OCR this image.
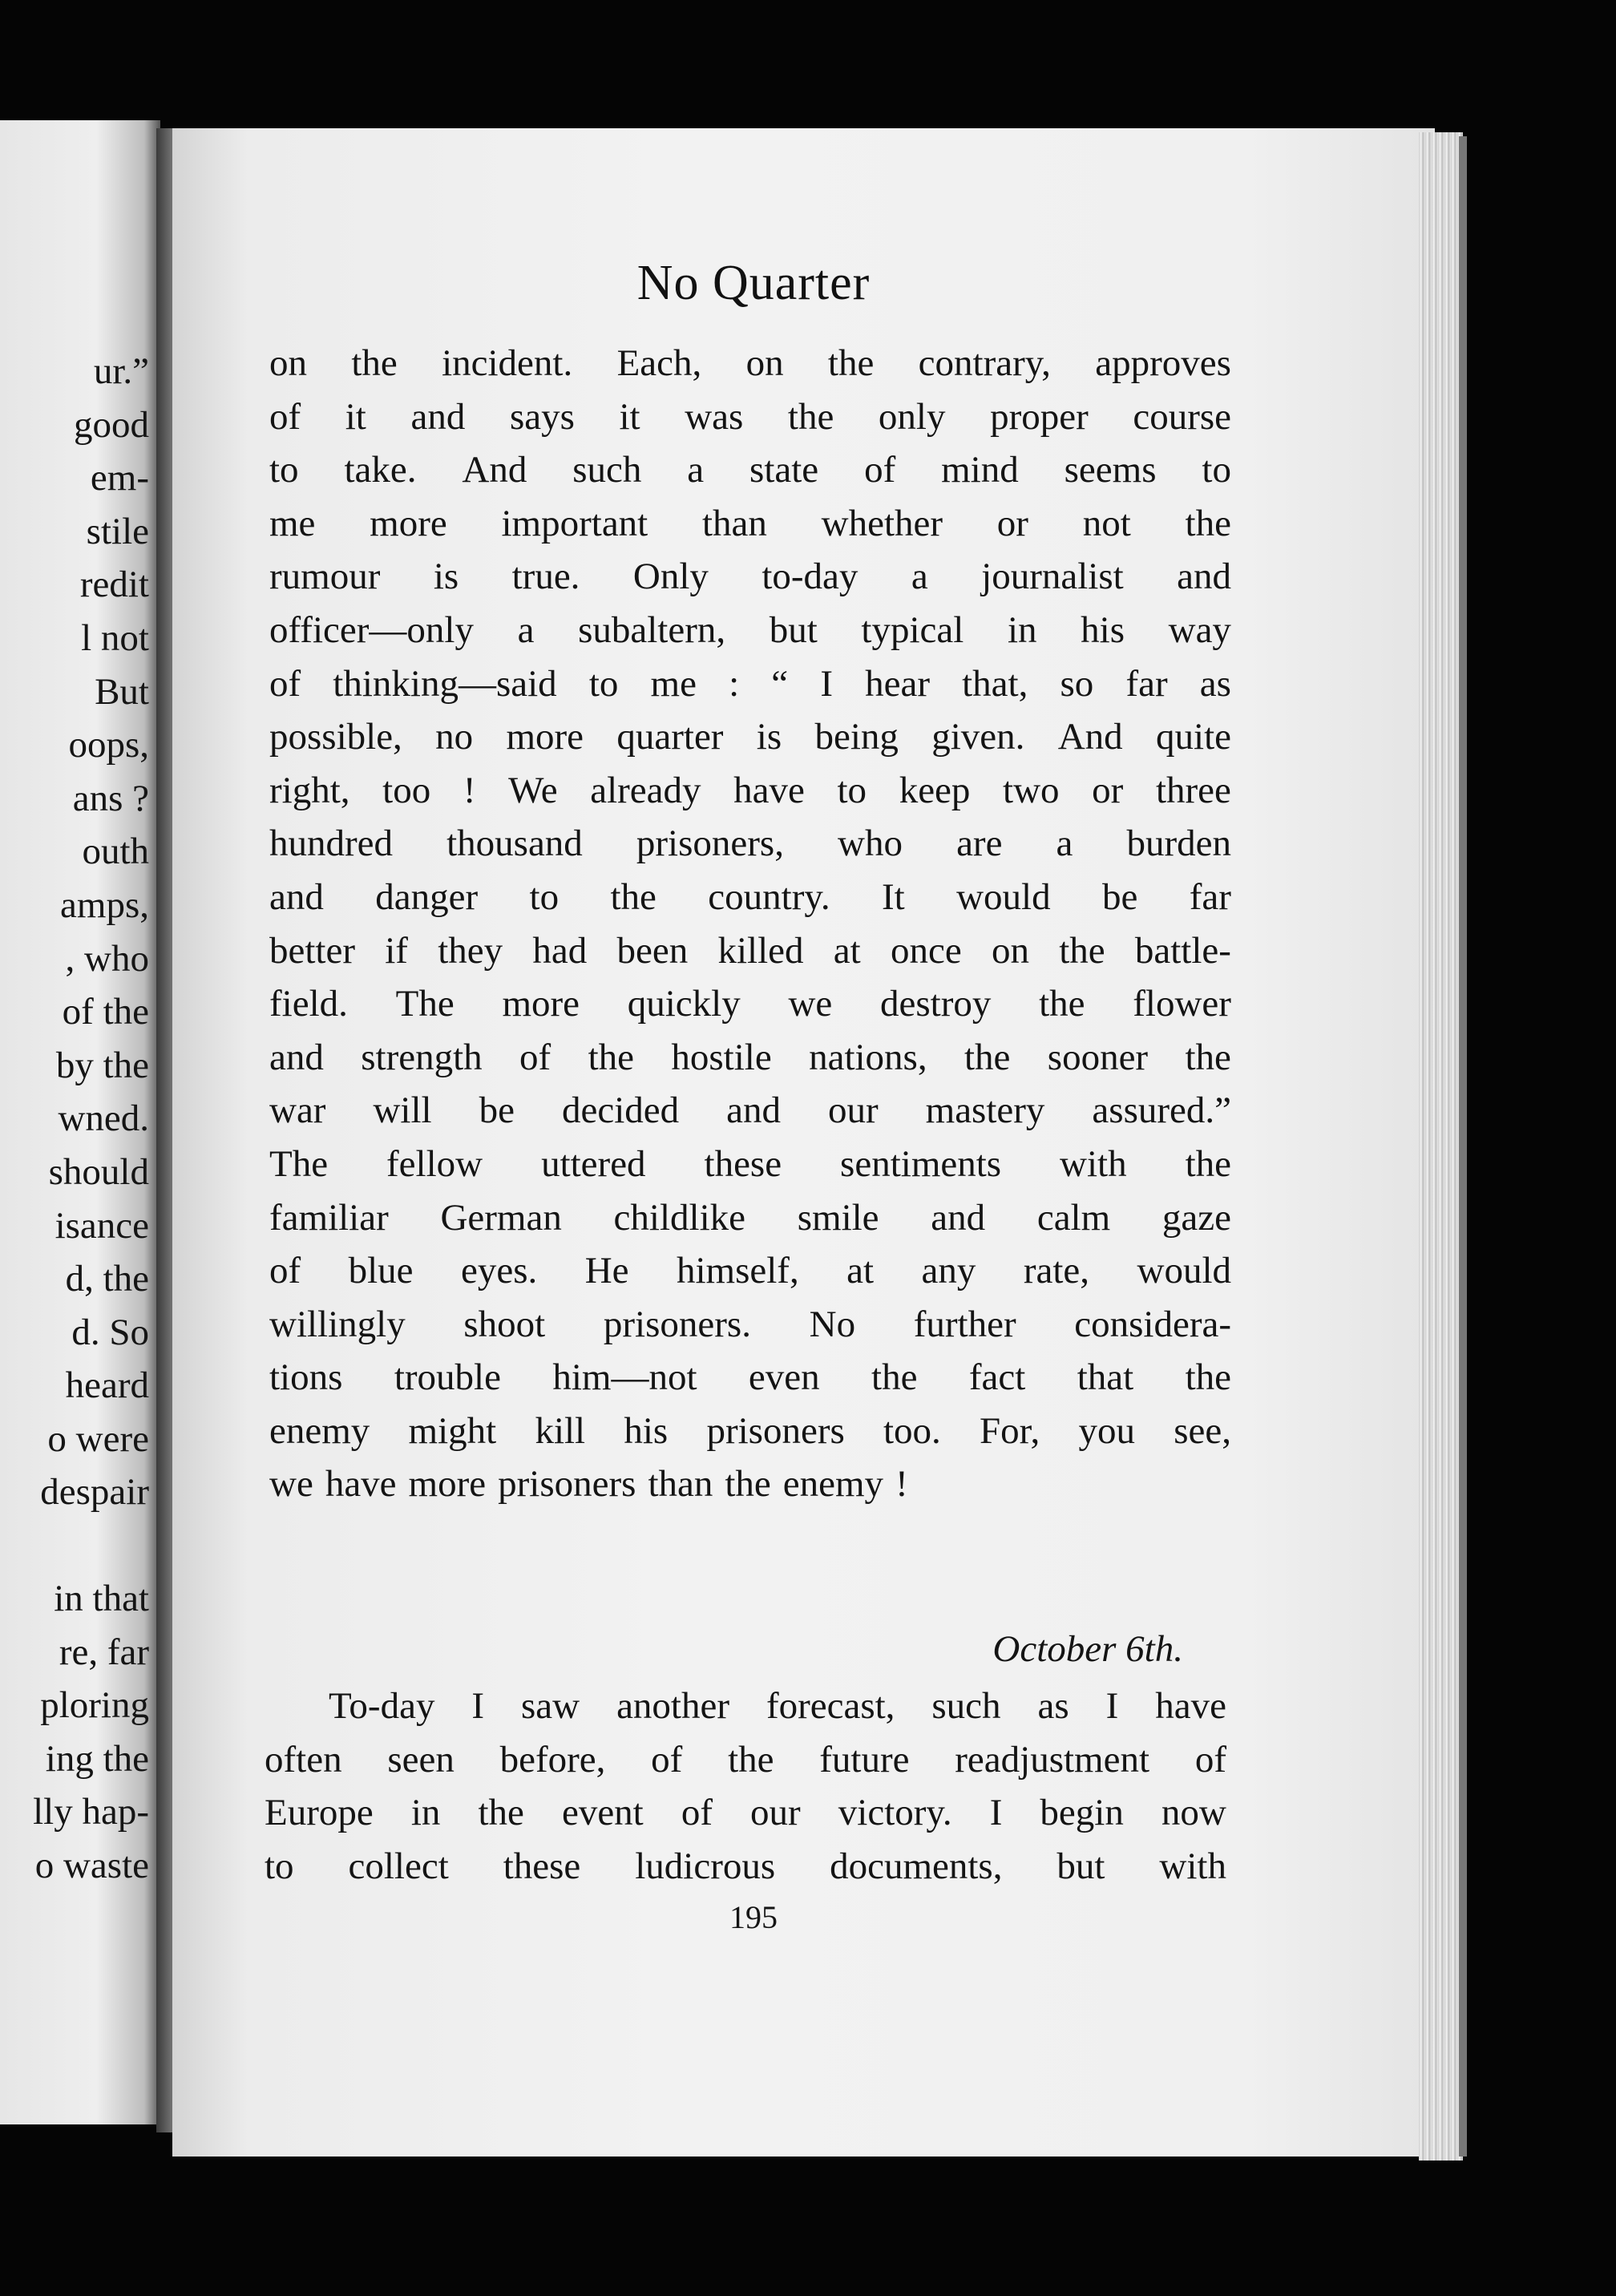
ur.”
good
em-
stile
redit
l not
But
oops,
ans ?
outh
amps,
, who
of the
by the
wned.
should
isance
d, the
d. So
heard
o were
despair
in that
re, far
ploring
ing the
lly hap-
o waste
No Quarter
on the incident. Each, on the contrary, approves
of it and says it was the only proper course
to take. And such a state of mind seems to
me more important than whether or not the
rumour is true. Only to-day a journalist and
officer—only a subaltern, but typical in his way
of thinking—said to me : “ I hear that, so far as
possible, no more quarter is being given. And quite
right, too ! We already have to keep two or three
hundred thousand prisoners, who are a burden
and danger to the country. It would be far
better if they had been killed at once on the battle-
field. The more quickly we destroy the flower
and strength of the hostile nations, the sooner the
war will be decided and our mastery assured.”
The fellow uttered these sentiments with the
familiar German childlike smile and calm gaze
of blue eyes. He himself, at any rate, would
willingly shoot prisoners. No further considera-
tions trouble him—not even the fact that the
enemy might kill his prisoners too. For, you see,
we have more prisoners than the enemy !
October 6th.
To-day I saw another forecast, such as I have
often seen before, of the future readjustment of
Europe in the event of our victory. I begin now
to collect these ludicrous documents, but with
195
